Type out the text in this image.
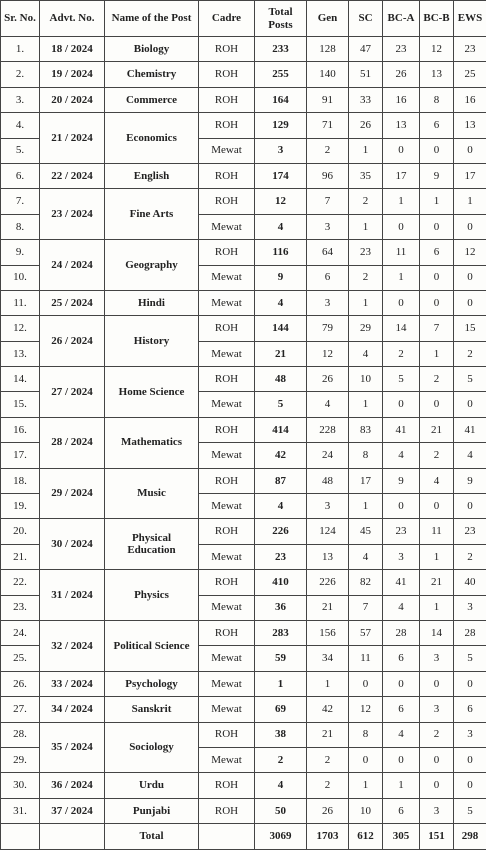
Sr. No.	Advt. No.	Name of the Post	Cadre	Total Posts	Gen	SC	BC-A	BC-B	EWS
1.	18 / 2024	Biology	ROH	233	128	47	23	12	23
2.	19 / 2024	Chemistry	ROH	255	140	51	26	13	25
3.	20 / 2024	Commerce	ROH	164	91	33	16	8	16
4.	21 / 2024	Economics	ROH	129	71	26	13	6	13
5.			Mewat	3	2	1	0	0	0
6.	22 / 2024	English	ROH	174	96	35	17	9	17
7.	23 / 2024	Fine Arts	ROH	12	7	2	1	1	1
8.			Mewat	4	3	1	0	0	0
9.	24 / 2024	Geography	ROH	116	64	23	11	6	12
10.			Mewat	9	6	2	1	0	0
11.	25 / 2024	Hindi	Mewat	4	3	1	0	0	0
12.	26 / 2024	History	ROH	144	79	29	14	7	15
13.			Mewat	21	12	4	2	1	2
14.	27 / 2024	Home Science	ROH	48	26	10	5	2	5
15.			Mewat	5	4	1	0	0	0
16.	28 / 2024	Mathematics	ROH	414	228	83	41	21	41
17.			Mewat	42	24	8	4	2	4
18.	29 / 2024	Music	ROH	87	48	17	9	4	9
19.			Mewat	4	3	1	0	0	0
20.	30 / 2024	Physical Education	ROH	226	124	45	23	11	23
21.			Mewat	23	13	4	3	1	2
22.	31 / 2024	Physics	ROH	410	226	82	41	21	40
23.			Mewat	36	21	7	4	1	3
24.	32 / 2024	Political Science	ROH	283	156	57	28	14	28
25.			Mewat	59	34	11	6	3	5
26.	33 / 2024	Psychology	Mewat	1	1	0	0	0	0
27.	34 / 2024	Sanskrit	Mewat	69	42	12	6	3	6
28.	35 / 2024	Sociology	ROH	38	21	8	4	2	3
29.			Mewat	2	2	0	0	0	0
30.	36 / 2024	Urdu	ROH	4	2	1	1	0	0
31.	37 / 2024	Punjabi	ROH	50	26	10	6	3	5
		Total		3069	1703	612	305	151	298
